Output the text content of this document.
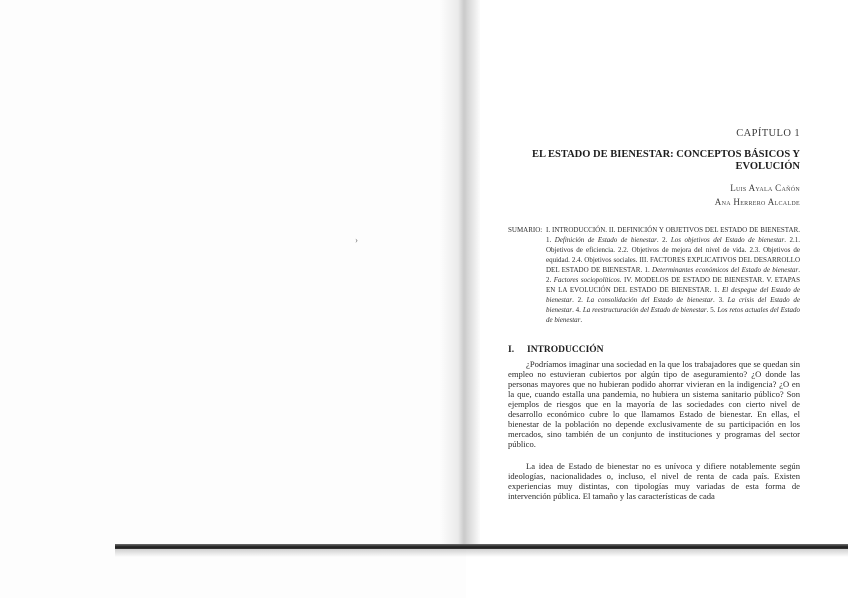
›
CAPÍTULO 1
EL ESTADO DE BIENESTAR: CONCEPTOS BÁSICOS Y EVOLUCIÓN
Luis Ayala Cañón
Ana Herrero Alcalde
SUMARIO: I. INTRODUCCIÓN. II. DEFINICIÓN Y OBJETIVOS DEL ESTADO DE BIENESTAR. 1. Definición de Estado de bienestar. 2. Los objetivos del Estado de bienestar. 2.1. Objetivos de eficiencia. 2.2. Objetivos de mejora del nivel de vida. 2.3. Objetivos de equidad. 2.4. Objetivos sociales. III. FACTORES EXPLICATIVOS DEL DESARROLLO DEL ESTADO DE BIENESTAR. 1. Determinantes económicos del Estado de bienestar. 2. Factores sociopolíticos. IV. MODELOS DE ESTADO DE BIENESTAR. V. ETAPAS EN LA EVOLUCIÓN DEL ESTADO DE BIENESTAR. 1. El despegue del Estado de bienestar. 2. La consolidación del Estado de bienestar. 3. La crisis del Estado de bienestar. 4. La reestructuración del Estado de bienestar. 5. Los retos actuales del Estado de bienestar.
I. INTRODUCCIÓN

¿Podríamos imaginar una sociedad en la que los trabajadores que se quedan sin empleo no estuvieran cubiertos por algún tipo de aseguramiento? ¿O donde las personas mayores que no hubieran podido ahorrar vivieran en la indigencia? ¿O en la que, cuando estalla una pandemia, no hubiera un sistema sanitario público? Son ejemplos de riesgos que en la mayoría de las sociedades con cierto nivel de desarrollo económico cubre lo que llamamos Estado de bienestar. En ellas, el bienestar de la población no depende exclusivamente de su participación en los mercados, sino también de un conjunto de instituciones y programas del sector público.

La idea de Estado de bienestar no es unívoca y difiere notablemente según ideologías, nacionalidades o, incluso, el nivel de renta de cada país. Existen experiencias muy distintas, con tipologías muy variadas de esta forma de intervención pública. El tamaño y las características de cada
